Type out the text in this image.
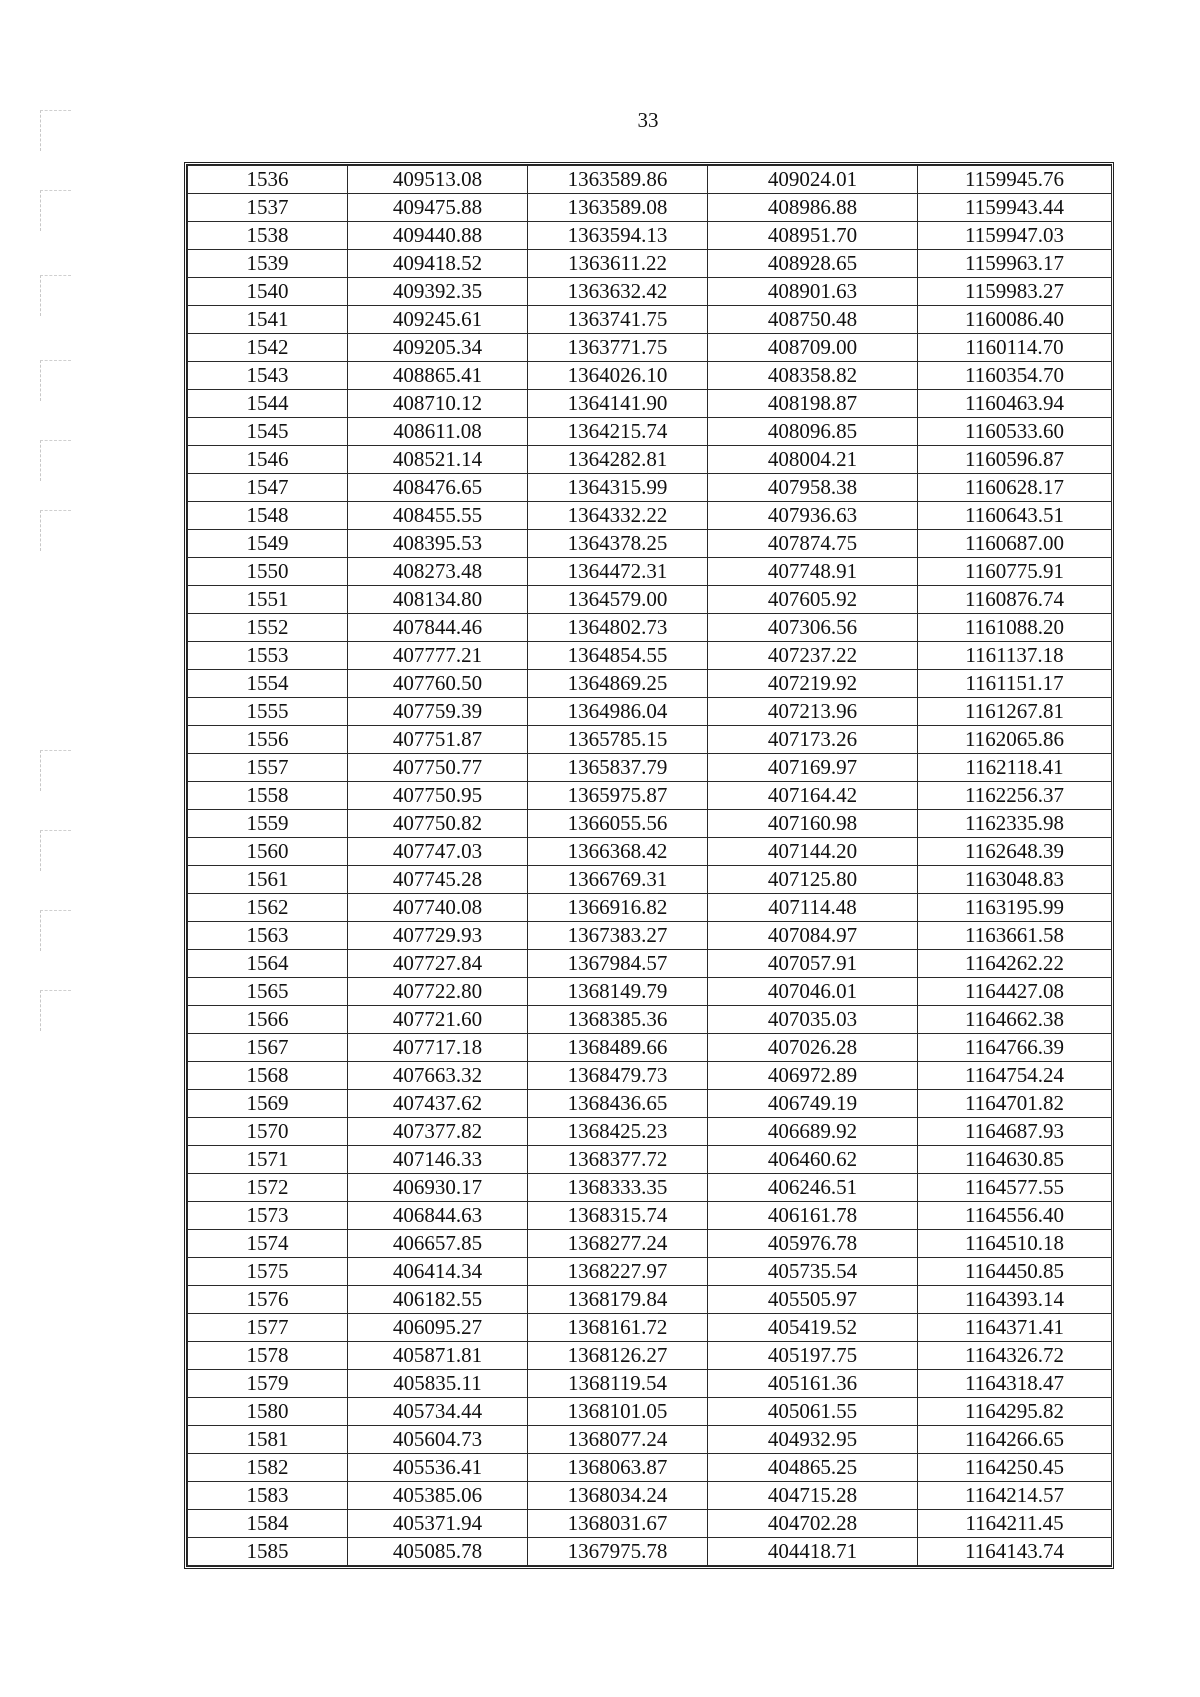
33
1536	409513.08	1363589.86	409024.01	1159945.76
1537	409475.88	1363589.08	408986.88	1159943.44
1538	409440.88	1363594.13	408951.70	1159947.03
1539	409418.52	1363611.22	408928.65	1159963.17
1540	409392.35	1363632.42	408901.63	1159983.27
1541	409245.61	1363741.75	408750.48	1160086.40
1542	409205.34	1363771.75	408709.00	1160114.70
1543	408865.41	1364026.10	408358.82	1160354.70
1544	408710.12	1364141.90	408198.87	1160463.94
1545	408611.08	1364215.74	408096.85	1160533.60
1546	408521.14	1364282.81	408004.21	1160596.87
1547	408476.65	1364315.99	407958.38	1160628.17
1548	408455.55	1364332.22	407936.63	1160643.51
1549	408395.53	1364378.25	407874.75	1160687.00
1550	408273.48	1364472.31	407748.91	1160775.91
1551	408134.80	1364579.00	407605.92	1160876.74
1552	407844.46	1364802.73	407306.56	1161088.20
1553	407777.21	1364854.55	407237.22	1161137.18
1554	407760.50	1364869.25	407219.92	1161151.17
1555	407759.39	1364986.04	407213.96	1161267.81
1556	407751.87	1365785.15	407173.26	1162065.86
1557	407750.77	1365837.79	407169.97	1162118.41
1558	407750.95	1365975.87	407164.42	1162256.37
1559	407750.82	1366055.56	407160.98	1162335.98
1560	407747.03	1366368.42	407144.20	1162648.39
1561	407745.28	1366769.31	407125.80	1163048.83
1562	407740.08	1366916.82	407114.48	1163195.99
1563	407729.93	1367383.27	407084.97	1163661.58
1564	407727.84	1367984.57	407057.91	1164262.22
1565	407722.80	1368149.79	407046.01	1164427.08
1566	407721.60	1368385.36	407035.03	1164662.38
1567	407717.18	1368489.66	407026.28	1164766.39
1568	407663.32	1368479.73	406972.89	1164754.24
1569	407437.62	1368436.65	406749.19	1164701.82
1570	407377.82	1368425.23	406689.92	1164687.93
1571	407146.33	1368377.72	406460.62	1164630.85
1572	406930.17	1368333.35	406246.51	1164577.55
1573	406844.63	1368315.74	406161.78	1164556.40
1574	406657.85	1368277.24	405976.78	1164510.18
1575	406414.34	1368227.97	405735.54	1164450.85
1576	406182.55	1368179.84	405505.97	1164393.14
1577	406095.27	1368161.72	405419.52	1164371.41
1578	405871.81	1368126.27	405197.75	1164326.72
1579	405835.11	1368119.54	405161.36	1164318.47
1580	405734.44	1368101.05	405061.55	1164295.82
1581	405604.73	1368077.24	404932.95	1164266.65
1582	405536.41	1368063.87	404865.25	1164250.45
1583	405385.06	1368034.24	404715.28	1164214.57
1584	405371.94	1368031.67	404702.28	1164211.45
1585	405085.78	1367975.78	404418.71	1164143.74
